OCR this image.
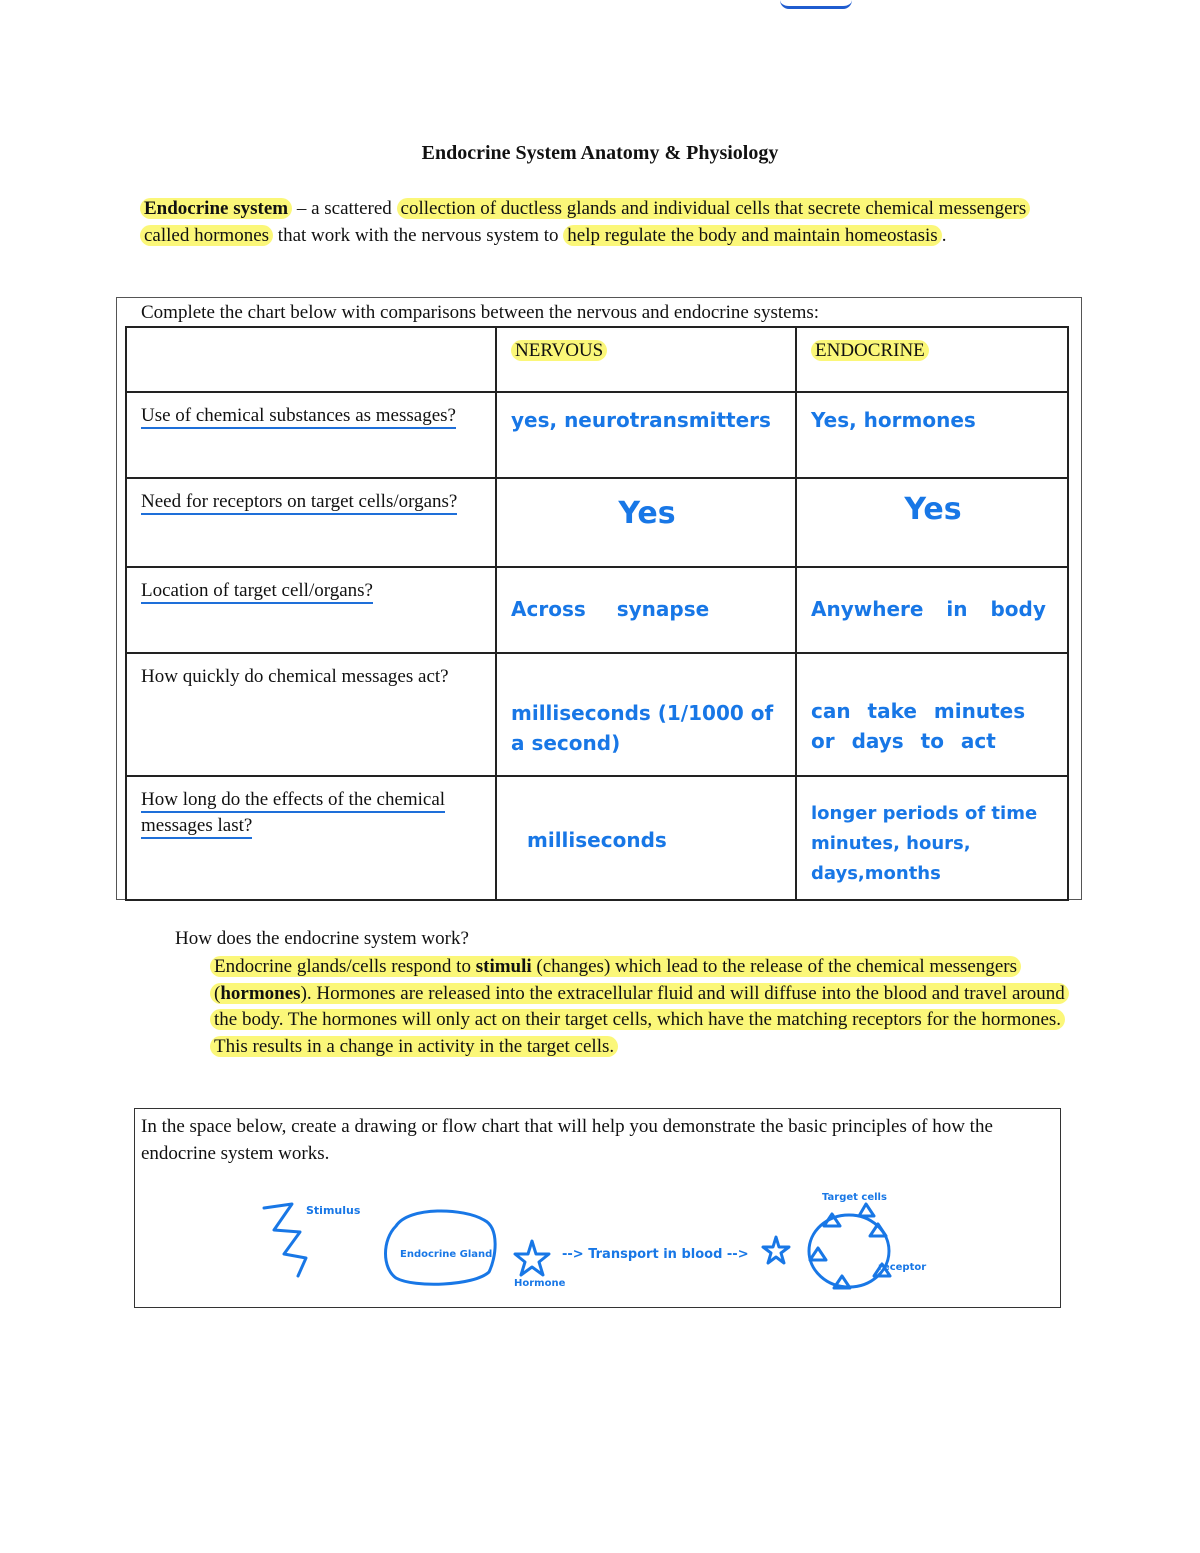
Endocrine System Anatomy & Physiology
Endocrine system – a scattered collection of ductless glands and individual cells that secrete chemical messengers called hormones that work with the nervous system to help regulate the body and maintain homeostasis .
Complete the chart below with comparisons between the nervous and endocrine systems:
	NERVOUS	ENDOCRINE
Use of chemical substances as messages?	yes, neurotransmitters	Yes, hormones
Need for receptors on target cells/organs?	Yes	Yes
Location of target cell/organs?	Across synapse	Anywhere in body
How quickly do chemical messages act?	milliseconds (1/1000 of a second)	can take minutes or days to act
How long do the effects of the chemical messages last?	milliseconds	longer periods of time minutes, hours, days,months
How does the endocrine system work?
Endocrine glands/cells respond to stimuli (changes) which lead to the release of the chemical messengers (hormones). Hormones are released into the extracellular fluid and will diffuse into the blood and travel around the body. The hormones will only act on their target cells, which have the matching receptors for the hormones. This results in a change in activity in the target cells.
In the space below, create a drawing or flow chart that will help you demonstrate the basic principles of how the endocrine system works.
Stimulus
Endocrine Gland
Hormone
--> Transport in blood -->
Target cells
receptor
